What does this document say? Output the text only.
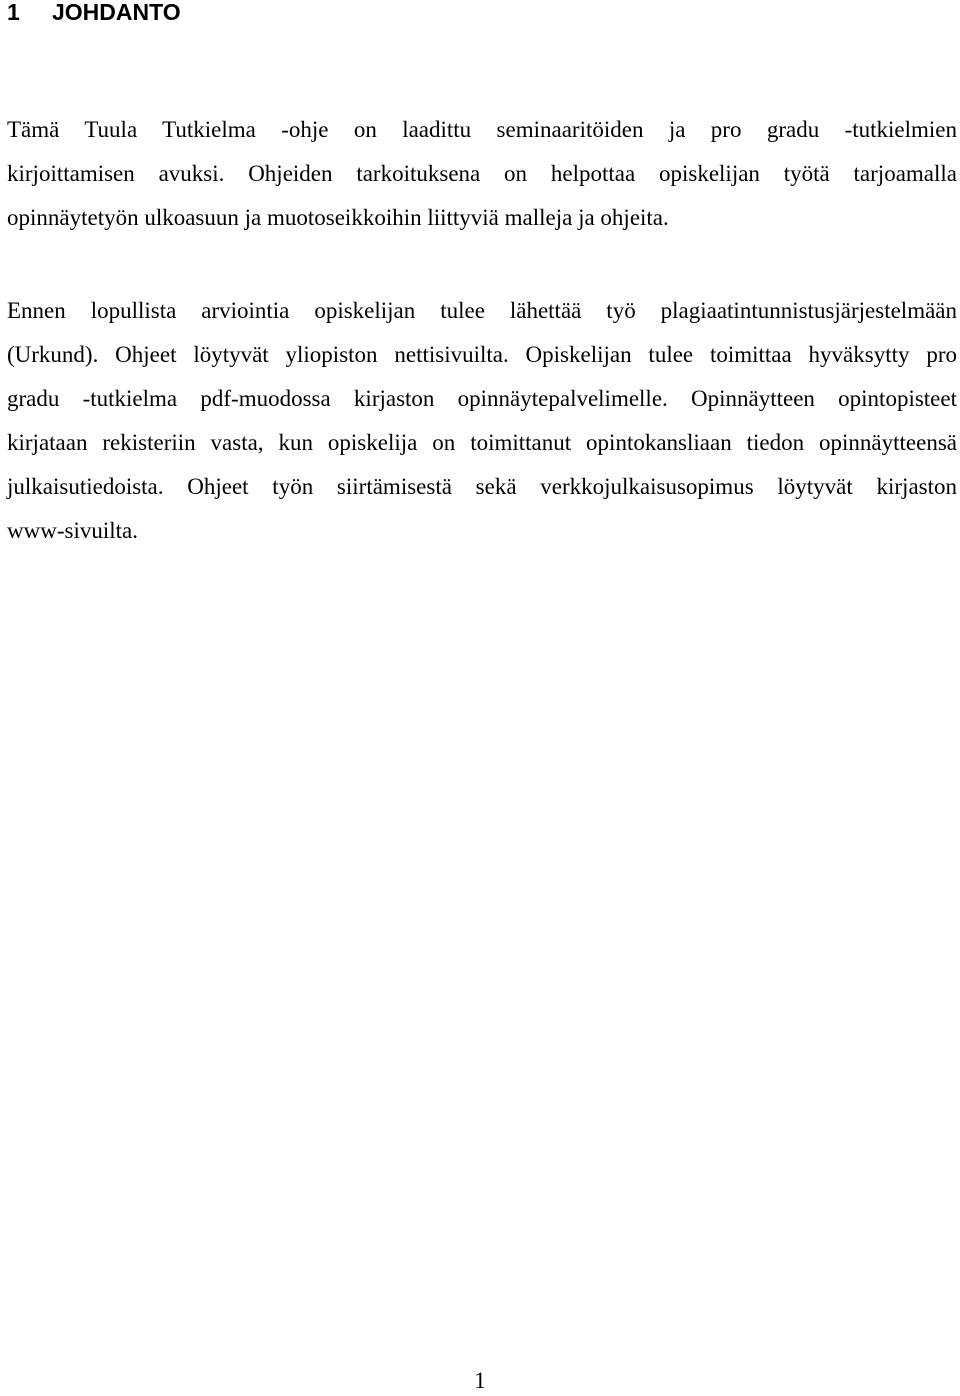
1 JOHDANTO

Tämä Tuula Tutkielma -ohje on laadittu seminaaritöiden ja pro gradu -tutkielmien
kirjoittamisen avuksi. Ohjeiden tarkoituksena on helpottaa opiskelijan työtä tarjoamalla
opinnäytetyön ulkoasuun ja muotoseikkoihin liittyviä malleja ja ohjeita.

Ennen lopullista arviointia opiskelijan tulee lähettää työ plagiaatintunnistusjärjestelmään
(Urkund). Ohjeet löytyvät yliopiston nettisivuilta. Opiskelijan tulee toimittaa hyväksytty pro
gradu -tutkielma pdf-muodossa kirjaston opinnäytepalvelimelle. Opinnäytteen opintopisteet
kirjataan rekisteriin vasta, kun opiskelija on toimittanut opintokansliaan tiedon opinnäytteensä
julkaisutiedoista. Ohjeet työn siirtämisestä sekä verkkojulkaisusopimus löytyvät kirjaston
www-sivuilta.

1
